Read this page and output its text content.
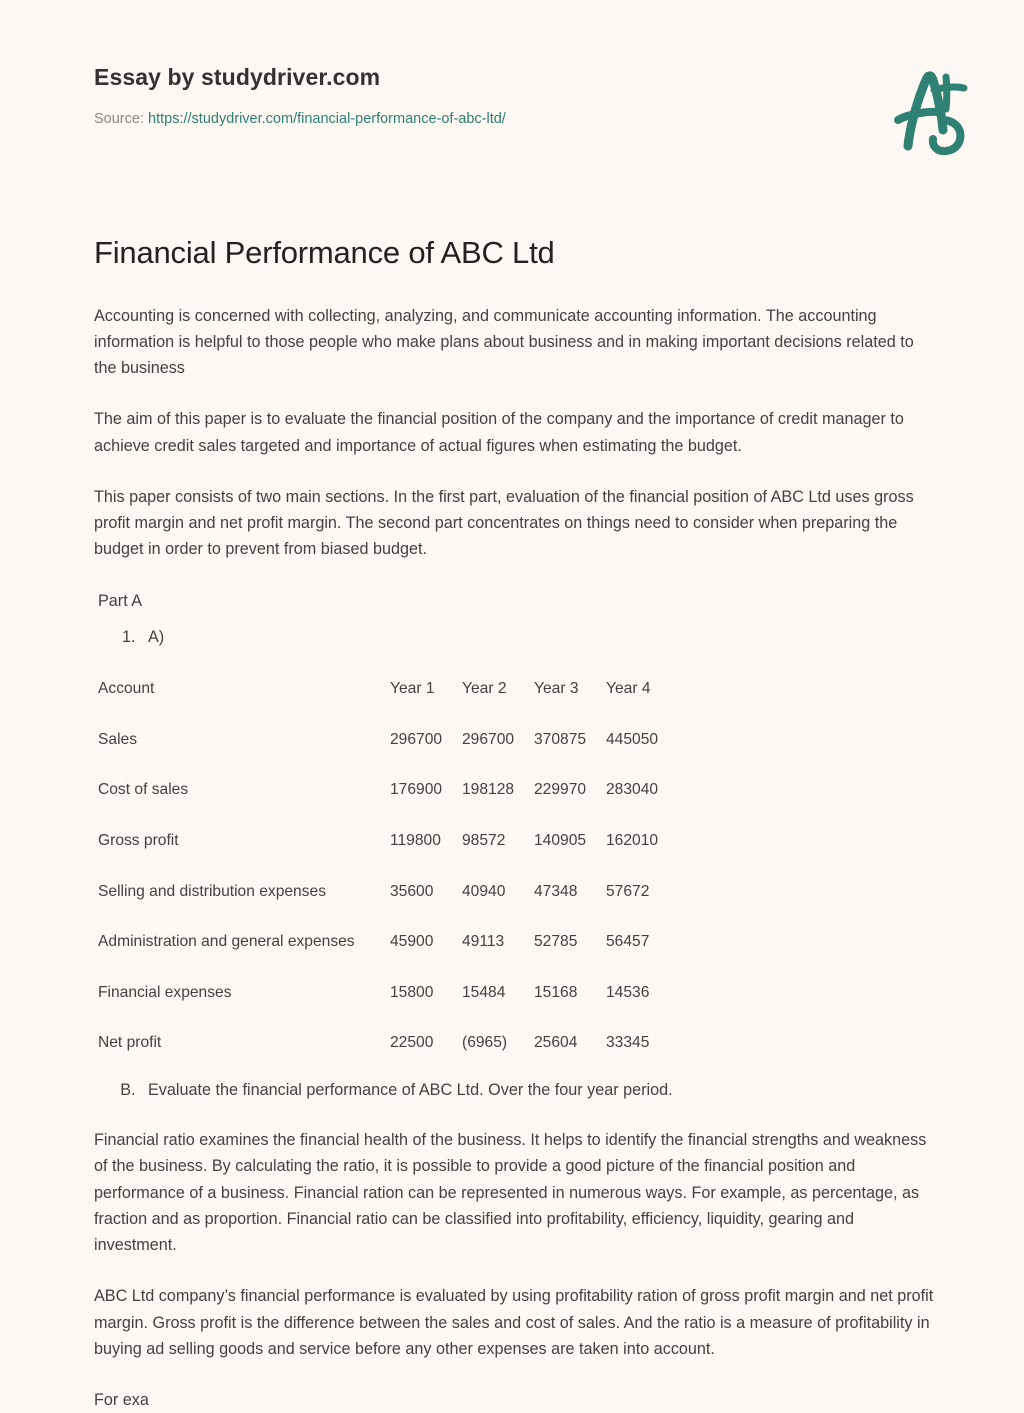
Essay by studydriver.com
Source: https://studydriver.com/financial-performance-of-abc-ltd/
Financial Performance of ABC Ltd

Accounting is concerned with collecting, analyzing, and communicate accounting information. The accounting information is helpful to those people who make plans about business and in making important decisions related to the business

The aim of this paper is to evaluate the financial position of the company and the importance of credit manager to achieve credit sales targeted and importance of actual figures when estimating the budget.

This paper consists of two main sections. In the first part, evaluation of the financial position of ABC Ltd uses gross profit margin and net profit margin. The second part concentrates on things need to consider when preparing the budget in order to prevent from biased budget.

Part A

1. A)
Account	Year 1	Year 2	Year 3	Year 4
Sales	296700	296700	370875	445050
Cost of sales	176900	198128	229970	283040
Gross profit	119800	98572	140905	162010
Selling and distribution expenses	35600	40940	47348	57672
Administration and general expenses	45900	49113	52785	56457
Financial expenses	15800	15484	15168	14536
Net profit	22500	(6965)	25604	33345
B. Evaluate the financial performance of ABC Ltd. Over the four year period.

Financial ratio examines the financial health of the business. It helps to identify the financial strengths and weakness of the business. By calculating the ratio, it is possible to provide a good picture of the financial position and performance of a business. Financial ration can be represented in numerous ways. For example, as percentage, as fraction and as proportion. Financial ratio can be classified into profitability, efficiency, liquidity, gearing and investment.

ABC Ltd company’s financial performance is evaluated by using profitability ration of gross profit margin and net profit margin. Gross profit is the difference between the sales and cost of sales. And the ratio is a measure of profitability in buying ad selling goods and service before any other expenses are taken into account.

For exa
